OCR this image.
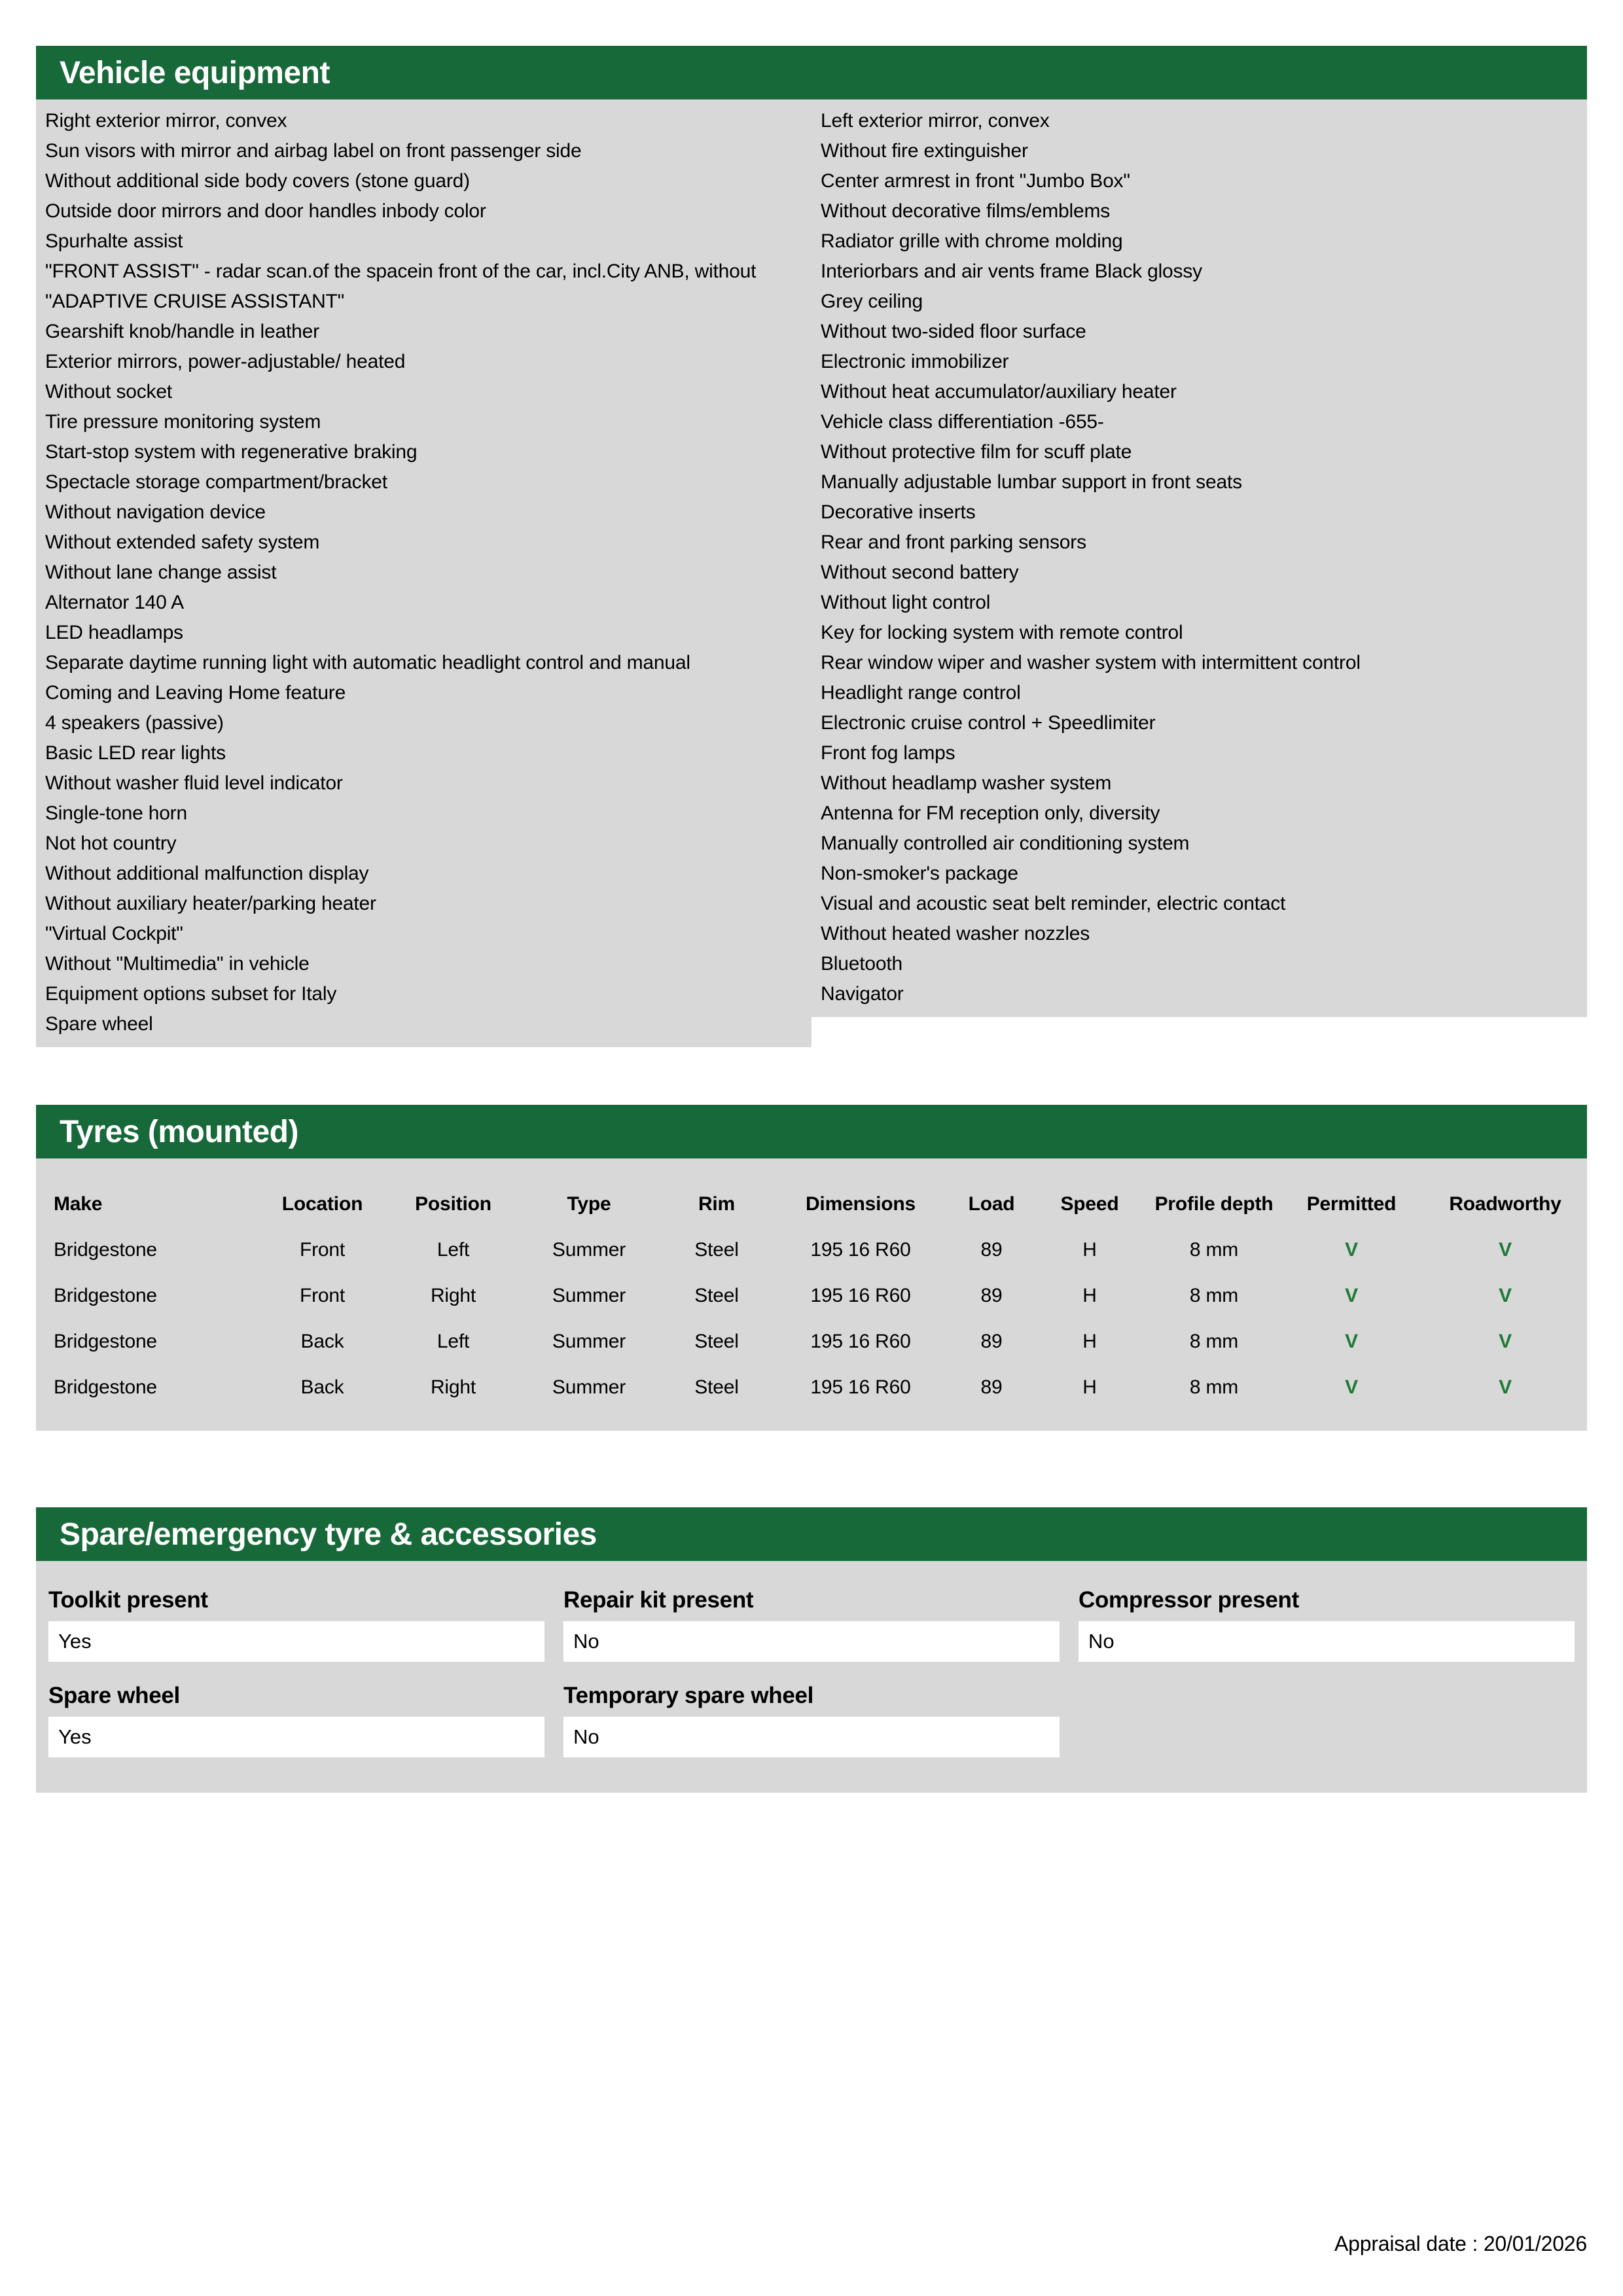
Vehicle equipment
Right exterior mirror, convex
Sun visors with mirror and airbag label on front passenger side
Without additional side body covers (stone guard)
Outside door mirrors and door handles inbody color
Spurhalte assist
"FRONT ASSIST" - radar scan.of the spacein front of the car, incl.City ANB, without "ADAPTIVE CRUISE ASSISTANT"
Gearshift knob/handle in leather
Exterior mirrors, power-adjustable/ heated
Without socket
Tire pressure monitoring system
Start-stop system with regenerative braking
Spectacle storage compartment/bracket
Without navigation device
Without extended safety system
Without lane change assist
Alternator 140 A
LED headlamps
Separate daytime running light with automatic headlight control and manual
Coming and Leaving Home feature
4 speakers (passive)
Basic LED rear lights
Without washer fluid level indicator
Single-tone horn
Not hot country
Without additional malfunction display
Without auxiliary heater/parking heater
"Virtual Cockpit"
Without "Multimedia" in vehicle
Equipment options subset for Italy
Spare wheel
Left exterior mirror, convex
Without fire extinguisher
Center armrest in front "Jumbo Box"
Without decorative films/emblems
Radiator grille with chrome molding
Interiorbars and air vents frame Black glossy
Grey ceiling
Without two-sided floor surface
Electronic immobilizer
Without heat accumulator/auxiliary heater
Vehicle class differentiation -655-
Without protective film for scuff plate
Manually adjustable lumbar support in front seats
Decorative inserts
Rear and front parking sensors
Without second battery
Without light control
Key for locking system with remote control
Rear window wiper and washer system with intermittent control
Headlight range control
Electronic cruise control + Speedlimiter
Front fog lamps
Without headlamp washer system
Antenna for FM reception only, diversity
Manually controlled air conditioning system
Non-smoker's package
Visual and acoustic seat belt reminder, electric contact
Without heated washer nozzles
Bluetooth
Navigator
Tyres (mounted)
Make	Location	Position	Type	Rim	Dimensions	Load	Speed	Profile depth	Permitted	Roadworthy
Bridgestone	Front	Left	Summer	Steel	195 16 R60	89	H	8 mm	V	V
Bridgestone	Front	Right	Summer	Steel	195 16 R60	89	H	8 mm	V	V
Bridgestone	Back	Left	Summer	Steel	195 16 R60	89	H	8 mm	V	V
Bridgestone	Back	Right	Summer	Steel	195 16 R60	89	H	8 mm	V	V
Spare/emergency tyre & accessories
Toolkit present
Yes
Repair kit present
No
Compressor present
No
Spare wheel
Yes
Temporary spare wheel
No
Appraisal date : 20/01/2026
